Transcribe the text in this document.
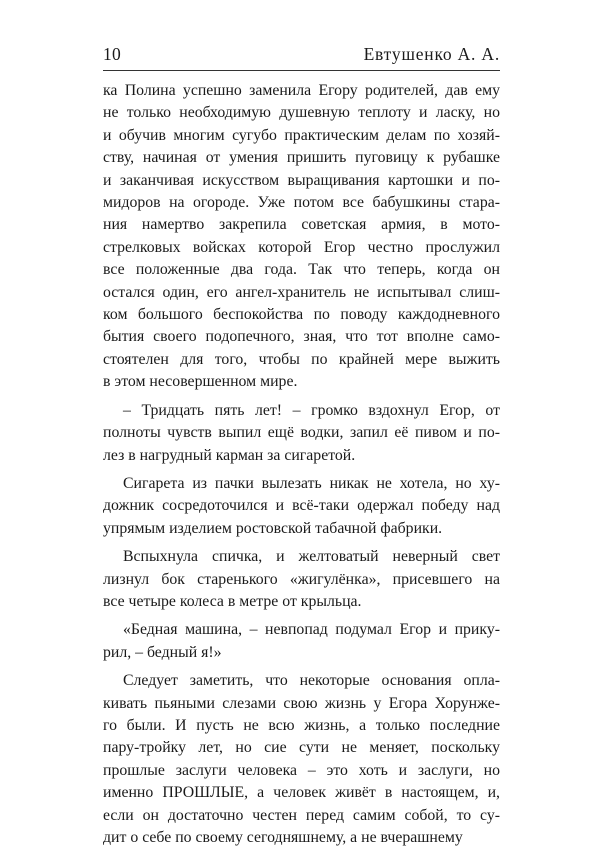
10	Евтушенко А. А.
ка Полина успешно заменила Егору родителей, дав ему
не только необходимую душевную теплоту и ласку, но
и обучив многим сугубо практическим делам по хозяй-
ству, начиная от умения пришить пуговицу к рубашке
и заканчивая искусством выращивания картошки и по-
мидоров на огороде. Уже потом все бабушкины стара-
ния намертво закрепила советская армия, в мото-
стрелковых войсках которой Егор честно прослужил
все положенные два года. Так что теперь, когда он
остался один, его ангел-хранитель не испытывал слиш-
ком большого беспокойства по поводу каждодневного
бытия своего подопечного, зная, что тот вполне само-
стоятелен для того, чтобы по крайней мере выжить
в этом несовершенном мире.
– Тридцать пять лет! – громко вздохнул Егор, от
полноты чувств выпил ещё водки, запил её пивом и по-
лез в нагрудный карман за сигаретой.
Сигарета из пачки вылезать никак не хотела, но ху-
дожник сосредоточился и всё-таки одержал победу над
упрямым изделием ростовской табачной фабрики.
Вспыхнула спичка, и желтоватый неверный свет
лизнул бок старенького «жигулёнка», присевшего на
все четыре колеса в метре от крыльца.
«Бедная машина, – невпопад подумал Егор и прику-
рил, – бедный я!»
Следует заметить, что некоторые основания опла-
кивать пьяными слезами свою жизнь у Егора Хорунже-
го были. И пусть не всю жизнь, а только последние
пару-тройку лет, но сие сути не меняет, поскольку
прошлые заслуги человека – это хоть и заслуги, но
именно ПРОШЛЫЕ, а человек живёт в настоящем, и,
если он достаточно честен перед самим собой, то су-
дит о себе по своему сегодняшнему, а не вчерашнему
